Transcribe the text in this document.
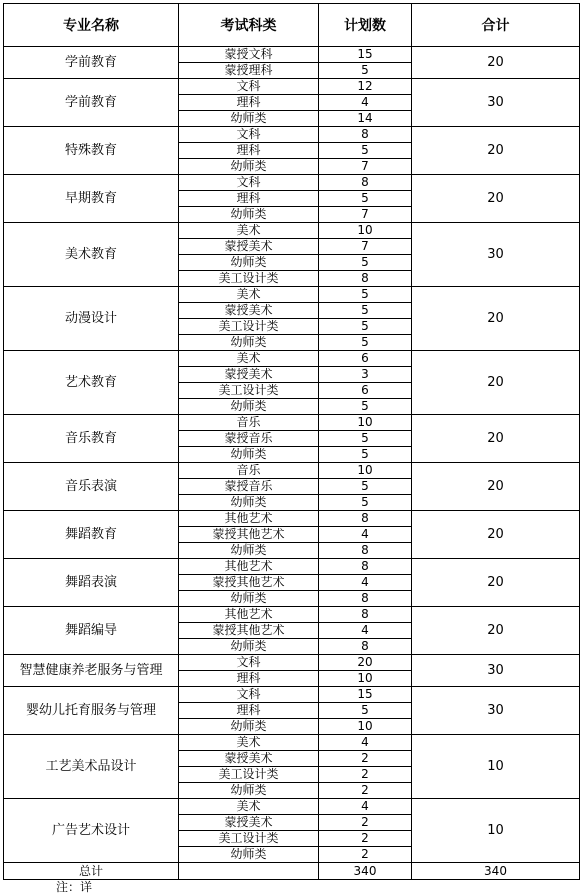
专业名称	考试科类	计划数	合计
学前教育	蒙授文科	15	20
	蒙授理科	5	
学前教育	文科	12	30
	理科	4	
	幼师类	14	
特殊教育	文科	8	20
	理科	5	
	幼师类	7	
早期教育	文科	8	20
	理科	5	
	幼师类	7	
美术教育	美术	10	30
	蒙授美术	7	
	幼师类	5	
	美工设计类	8	
动漫设计	美术	5	20
	蒙授美术	5	
	美工设计类	5	
	幼师类	5	
艺术教育	美术	6	20
	蒙授美术	3	
	美工设计类	6	
	幼师类	5	
音乐教育	音乐	10	20
	蒙授音乐	5	
	幼师类	5	
音乐表演	音乐	10	20
	蒙授音乐	5	
	幼师类	5	
舞蹈教育	其他艺术	8	20
	蒙授其他艺术	4	
	幼师类	8	
舞蹈表演	其他艺术	8	20
	蒙授其他艺术	4	
	幼师类	8	
舞蹈编导	其他艺术	8	20
	蒙授其他艺术	4	
	幼师类	8	
智慧健康养老服务与管理	文科	20	30
	理科	10	
婴幼儿托育服务与管理	文科	15	30
	理科	5	
	幼师类	10	
工艺美术品设计	美术	4	10
	蒙授美术	2	
	美工设计类	2	
	幼师类	2	
广告艺术设计	美术	4	10
	蒙授美术	2	
	美工设计类	2	
	幼师类	2	
总计		340	340
注：详
